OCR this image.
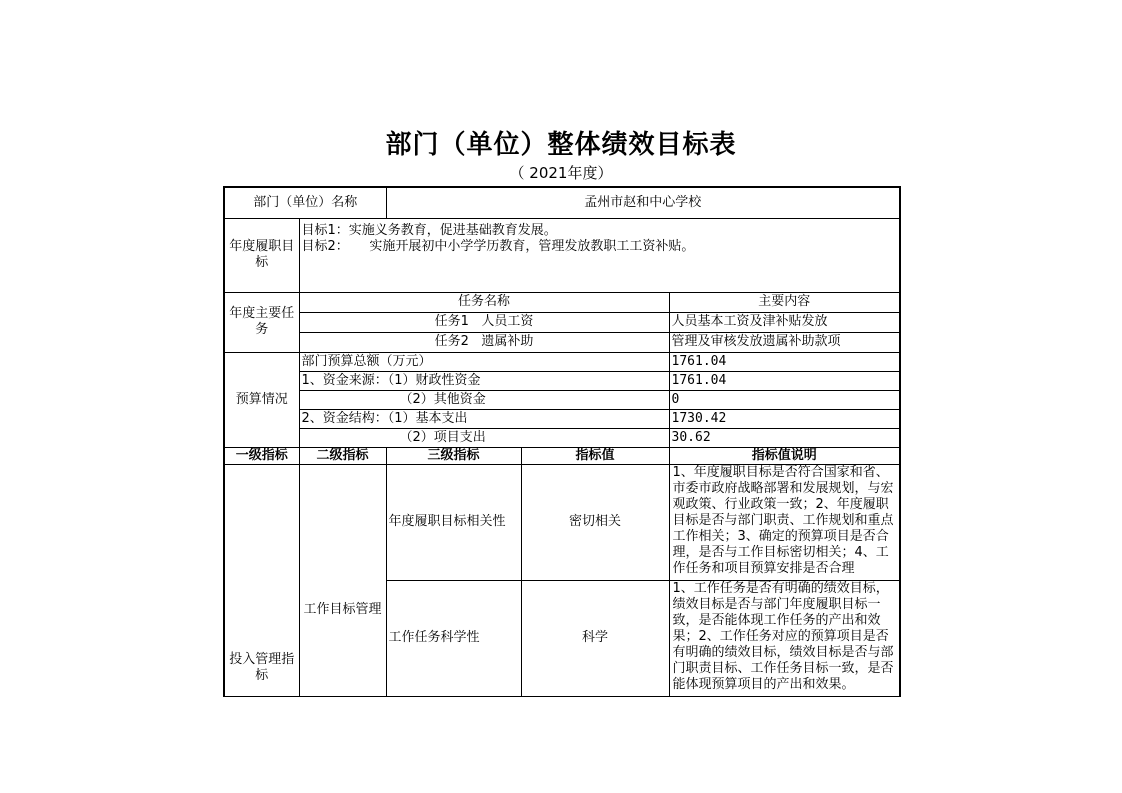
部门（单位）整体绩效目标表
（ 2021年度）
部门（单位）名称		孟州市赵和中心学校		
年度履职目标	目标1：实施义务教育，促进基础教育发展。
目标2：     实施开展初中小学学历教育，管理发放教职工工资补贴。			

年度主要任务	任务名称			主要内容
	任务1   人员工资			人员基本工资及津补贴发放
	任务2   遗属补助			管理及审核发放遗属补助款项
预算情况	部门预算总额（万元）			1761.04
	1、资金来源：（1）财政性资金			1761.04
	（2）其他资金			0
	2、资金结构：（1）基本支出			1730.42
	（2）项目支出			30.62
一级指标	二级指标	三级指标	指标值	指标值说明
投入管理指标	工作目标管理	年度履职目标相关性	密切相关	1、年度履职目标是否符合国家和省、市委市政府战略部署和发展规划，与宏观政策、行业政策一致；2、年度履职目标是否与部门职责、工作规划和重点工作相关；3、确定的预算项目是否合理，是否与工作目标密切相关；4、工作任务和项目预算安排是否合理

		工作任务科学性	科学	1、工作任务是否有明确的绩效目标，绩效目标是否与部门年度履职目标一致，是否能体现工作任务的产出和效果；2、工作任务对应的预算项目是否有明确的绩效目标，绩效目标是否与部门职责目标、工作任务目标一致，是否能体现预算项目的产出和效果。
